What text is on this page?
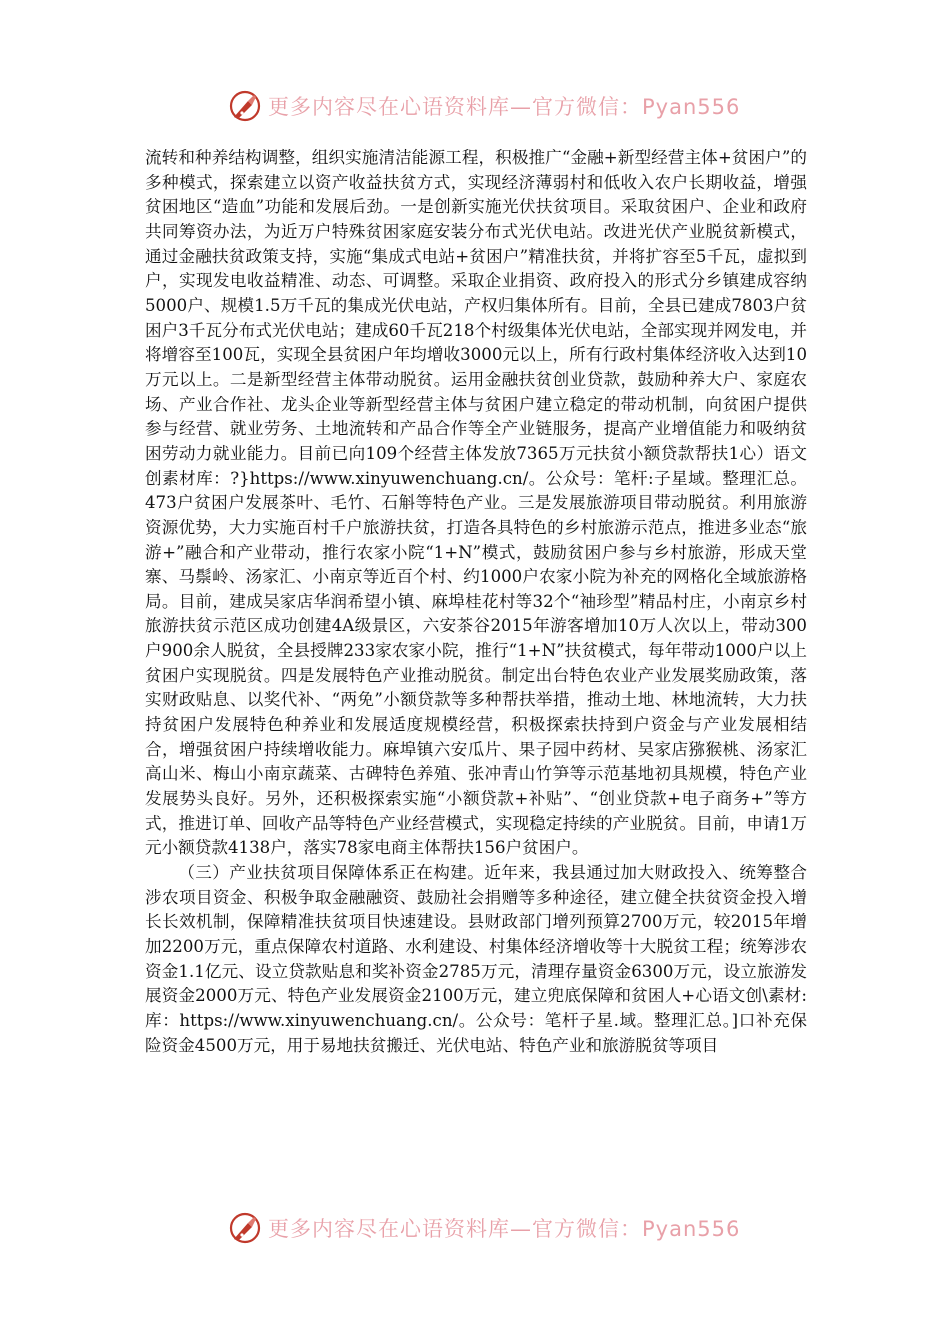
更多内容尽在心语资料库—官方微信：Pyan556

流转和种养结构调整，组织实施清洁能源工程，积极推广“金融+新型经营主体+贫困户”的多种模式，探索建立以资产收益扶贫方式，实现经济薄弱村和低收入农户长期收益，增强贫困地区“造血”功能和发展后劲。一是创新实施光伏扶贫项目。采取贫困户、企业和政府共同筹资办法，为近万户特殊贫困家庭安装分布式光伏电站。改进光伏产业脱贫新模式，通过金融扶贫政策支持，实施“集成式电站+贫困户”精准扶贫，并将扩容至5千瓦，虚拟到户，实现发电收益精准、动态、可调整。采取企业捐资、政府投入的形式分乡镇建成容纳5000户、规模1.5万千瓦的集成光伏电站，产权归集体所有。目前，全县已建成7803户贫困户3千瓦分布式光伏电站；建成60千瓦218个村级集体光伏电站，全部实现并网发电，并将增容至100瓦，实现全县贫困户年均增收3000元以上，所有行政村集体经济收入达到10万元以上。二是新型经营主体带动脱贫。运用金融扶贫创业贷款，鼓励种养大户、家庭农场、产业合作社、龙头企业等新型经营主体与贫困户建立稳定的带动机制，向贫困户提供参与经营、就业劳务、土地流转和产品合作等全产业链服务，提高产业增值能力和吸纳贫困劳动力就业能力。目前已向109个经营主体发放7365万元扶贫小额贷款帮扶1心）语文创素材库：?}https://www.xinyuwenchuang.cn/。公众号：笔杆:子星域。整理汇总。473户贫困户发展茶叶、毛竹、石斛等特色产业。三是发展旅游项目带动脱贫。利用旅游资源优势，大力实施百村千户旅游扶贫，打造各具特色的乡村旅游示范点，推进多业态“旅游+”融合和产业带动，推行农家小院“1+N”模式，鼓励贫困户参与乡村旅游，形成天堂寨、马鬃岭、汤家汇、小南京等近百个村、约1000户农家小院为补充的网格化全域旅游格局。目前，建成吴家店华润希望小镇、麻埠桂花村等32个“袖珍型”精品村庄，小南京乡村旅游扶贫示范区成功创建4A级景区，六安茶谷2015年游客增加10万人次以上，带动300户900余人脱贫，全县授牌233家农家小院，推行“1+N”扶贫模式，每年带动1000户以上贫困户实现脱贫。四是发展特色产业推动脱贫。制定出台特色农业产业发展奖励政策，落实财政贴息、以奖代补、“两免”小额贷款等多种帮扶举措，推动土地、林地流转，大力扶持贫困户发展特色种养业和发展适度规模经营，积极探索扶持到户资金与产业发展相结合，增强贫困户持续增收能力。麻埠镇六安瓜片、果子园中药材、吴家店猕猴桃、汤家汇高山米、梅山小南京蔬菜、古碑特色养殖、张冲青山竹笋等示范基地初具规模，特色产业发展势头良好。另外，还积极探索实施“小额贷款+补贴”、“创业贷款+电子商务+”等方式，推进订单、回收产品等特色产业经营模式，实现稳定持续的产业脱贫。目前，申请1万元小额贷款4138户，落实78家电商主体帮扶156户贫困户。

（三）产业扶贫项目保障体系正在构建。近年来，我县通过加大财政投入、统筹整合涉农项目资金、积极争取金融融资、鼓励社会捐赠等多种途径，建立健全扶贫资金投入增长长效机制，保障精准扶贫项目快速建设。县财政部门增列预算2700万元，较2015年增加2200万元，重点保障农村道路、水利建设、村集体经济增收等十大脱贫工程；统筹涉农资金1.1亿元、设立贷款贴息和奖补资金2785万元，清理存量资金6300万元，设立旅游发展资金2000万元、特色产业发展资金2100万元，建立兜底保障和贫困人+心语文创\素材:库：https://www.xinyuwenchuang.cn/。公众号：笔杆子星.域。整理汇总。]口补充保险资金4500万元，用于易地扶贫搬迁、光伏电站、特色产业和旅游脱贫等项目

更多内容尽在心语资料库—官方微信：Pyan556
